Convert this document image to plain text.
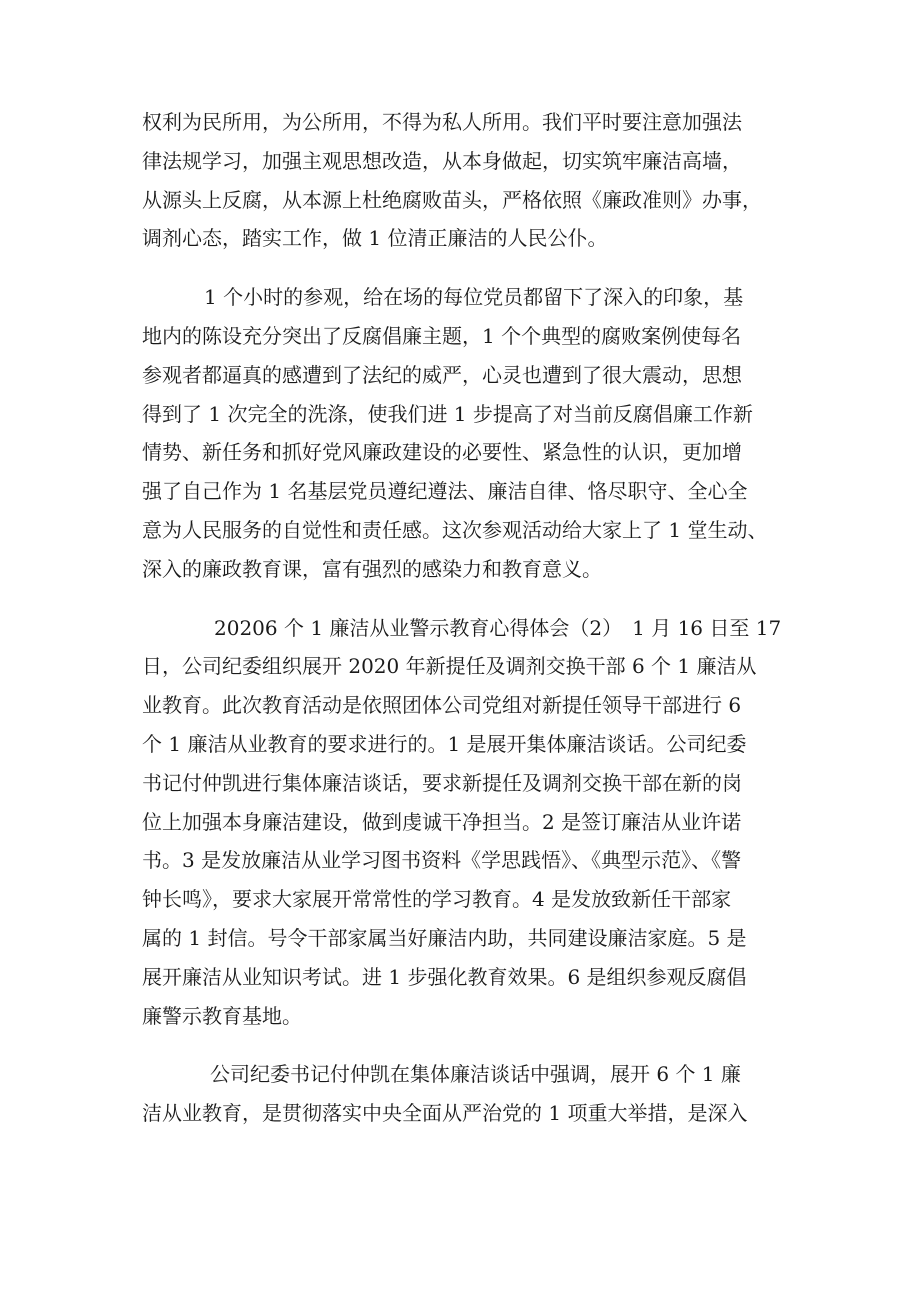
权利为民所用，为公所用，不得为私人所用。我们平时要注意加强法
律法规学习，加强主观思想改造，从本身做起，切实筑牢廉洁高墙，
从源头上反腐，从本源上杜绝腐败苗头，严格依照《廉政准则》办事，
调剂心态，踏实工作，做 1 位清正廉洁的人民公仆。
1 个小时的参观，给在场的每位党员都留下了深入的印象，基
地内的陈设充分突出了反腐倡廉主题，1 个个典型的腐败案例使每名
参观者都逼真的感遭到了法纪的威严，心灵也遭到了很大震动，思想
得到了 1 次完全的洗涤，使我们进 1 步提高了对当前反腐倡廉工作新
情势、新任务和抓好党风廉政建设的必要性、紧急性的认识，更加增
强了自己作为 1 名基层党员遵纪遵法、廉洁自律、恪尽职守、全心全
意为人民服务的自觉性和责任感。这次参观活动给大家上了 1 堂生动、
深入的廉政教育课，富有强烈的感染力和教育意义。
20206 个 1 廉洁从业警示教育心得体会（2）　1 月 16 日至 17
日，公司纪委组织展开 2020 年新提任及调剂交换干部 6 个 1 廉洁从
业教育。此次教育活动是依照团体公司党组对新提任领导干部进行 6
个 1 廉洁从业教育的要求进行的。1 是展开集体廉洁谈话。公司纪委
书记付仲凯进行集体廉洁谈话，要求新提任及调剂交换干部在新的岗
位上加强本身廉洁建设，做到虔诚干净担当。2 是签订廉洁从业许诺
书。3 是发放廉洁从业学习图书资料《学思践悟》、《典型示范》、《警
钟长鸣》，要求大家展开常常性的学习教育。4 是发放致新任干部家
属的 1 封信。号令干部家属当好廉洁内助，共同建设廉洁家庭。5 是
展开廉洁从业知识考试。进 1 步强化教育效果。6 是组织参观反腐倡
廉警示教育基地。
公司纪委书记付仲凯在集体廉洁谈话中强调，展开 6 个 1 廉
洁从业教育，是贯彻落实中央全面从严治党的 1 项重大举措，是深入
